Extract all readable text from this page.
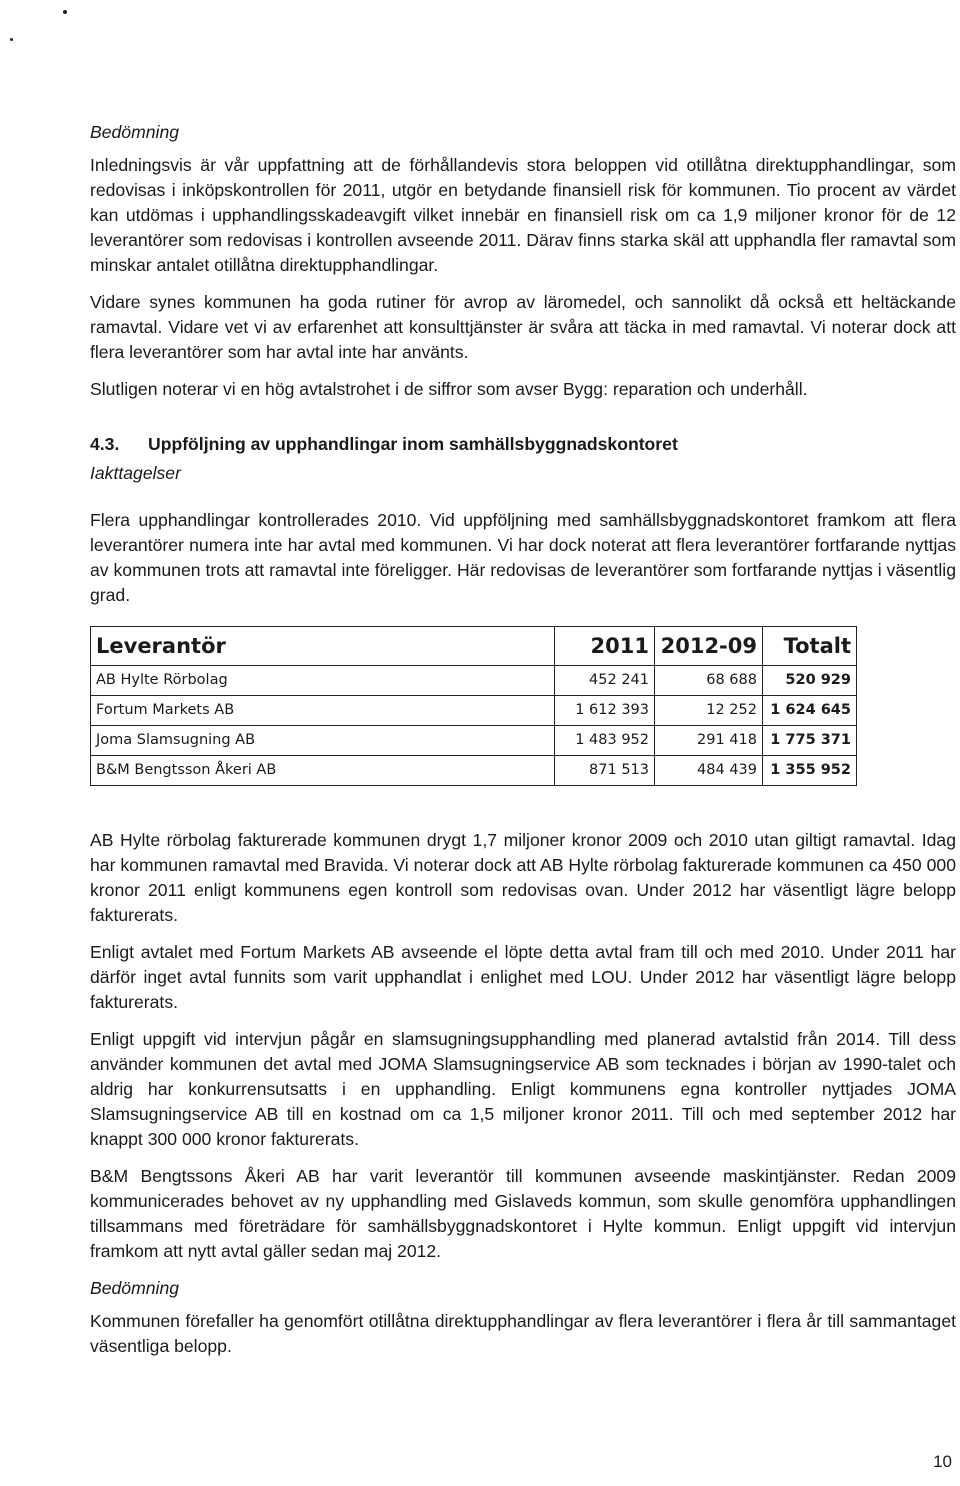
Bedömning

Inledningsvis är vår uppfattning att de förhållandevis stora beloppen vid otillåtna direktupphandlingar, som redovisas i inköpskontrollen för 2011, utgör en betydande finansiell risk för kommunen. Tio procent av värdet kan utdömas i upphandlingsskadeavgift vilket innebär en finansiell risk om ca 1,9 miljoner kronor för de 12 leverantörer som redovisas i kontrollen avseende 2011. Därav finns starka skäl att upphandla fler ramavtal som minskar antalet otillåtna direktupphandlingar.

Vidare synes kommunen ha goda rutiner för avrop av läromedel, och sannolikt då också ett heltäckande ramavtal. Vidare vet vi av erfarenhet att konsulttjänster är svåra att täcka in med ramavtal. Vi noterar dock att flera leverantörer som har avtal inte har använts.

Slutligen noterar vi en hög avtalstrohet i de siffror som avser Bygg: reparation och underhåll.

4.3. Uppföljning av upphandlingar inom samhällsbyggnadskontoret
Iakttagelser

Flera upphandlingar kontrollerades 2010. Vid uppföljning med samhällsbyggnadskontoret framkom att flera leverantörer numera inte har avtal med kommunen. Vi har dock noterat att flera leverantörer fortfarande nyttjas av kommunen trots att ramavtal inte föreligger. Här redovisas de leverantörer som fortfarande nyttjas i väsentlig grad.

Leverantör	2011	2012-09	Totalt
AB Hylte Rörbolag	452 241	68 688	520 929
Fortum Markets AB	1 612 393	12 252	1 624 645
Joma Slamsugning AB	1 483 952	291 418	1 775 371
B&M Bengtsson Åkeri AB	871 513	484 439	1 355 952

AB Hylte rörbolag fakturerade kommunen drygt 1,7 miljoner kronor 2009 och 2010 utan giltigt ramavtal. Idag har kommunen ramavtal med Bravida. Vi noterar dock att AB Hylte rörbolag fakturerade kommunen ca 450 000 kronor 2011 enligt kommunens egen kontroll som redovisas ovan. Under 2012 har väsentligt lägre belopp fakturerats.

Enligt avtalet med Fortum Markets AB avseende el löpte detta avtal fram till och med 2010. Under 2011 har därför inget avtal funnits som varit upphandlat i enlighet med LOU. Under 2012 har väsentligt lägre belopp fakturerats.

Enligt uppgift vid intervjun pågår en slamsugningsupphandling med planerad avtalstid från 2014. Till dess använder kommunen det avtal med JOMA Slamsugningservice AB som tecknades i början av 1990-talet och aldrig har konkurrensutsatts i en upphandling. Enligt kommunens egna kontroller nyttjades JOMA Slamsugningservice AB till en kostnad om ca 1,5 miljoner kronor 2011. Till och med september 2012 har knappt 300 000 kronor fakturerats.

B&M Bengtssons Åkeri AB har varit leverantör till kommunen avseende maskintjänster. Redan 2009 kommunicerades behovet av ny upphandling med Gislaveds kommun, som skulle genomföra upphandlingen tillsammans med företrädare för samhällsbyggnadskontoret i Hylte kommun. Enligt uppgift vid intervjun framkom att nytt avtal gäller sedan maj 2012.

Bedömning

Kommunen förefaller ha genomfört otillåtna direktupphandlingar av flera leverantörer i flera år till sammantaget väsentliga belopp.

10
